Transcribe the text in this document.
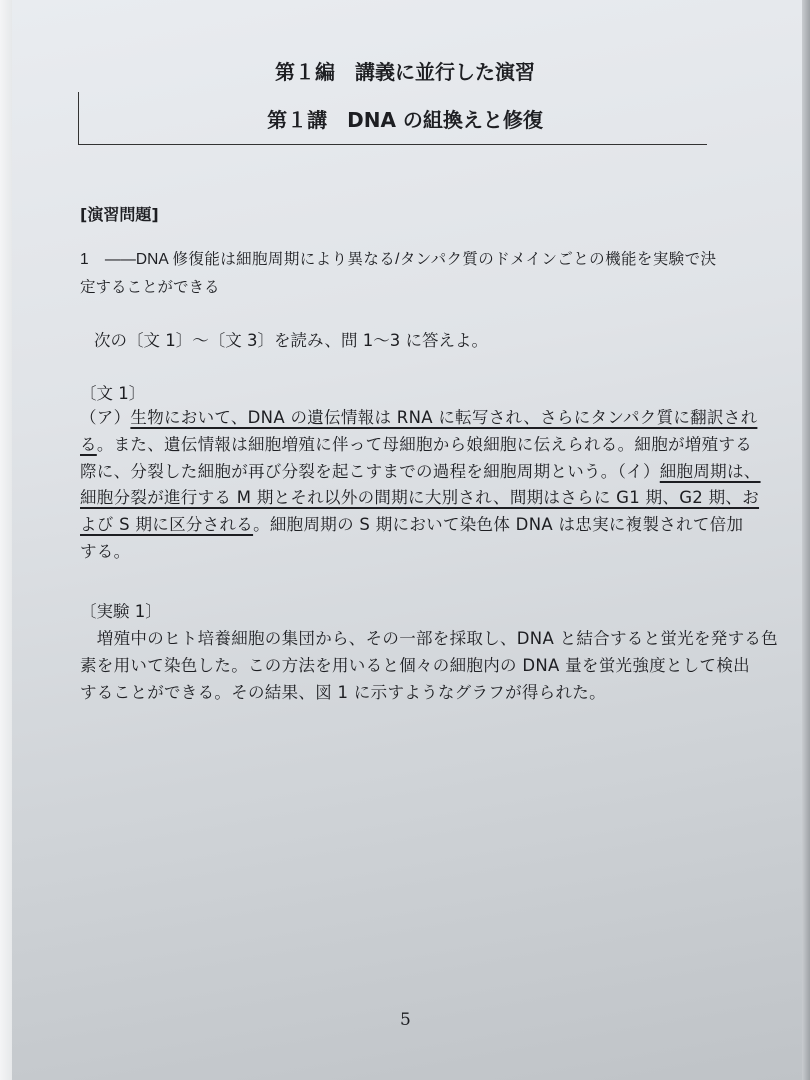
第１編　講義に並行した演習
第１講　DNA の組換えと修復
[演習問題]
1　――DNA 修復能は細胞周期により異なる/タンパク質のドメインごとの機能を実験で決
定することができる
次の〔文 1〕～〔文 3〕を読み、問 1～3 に答えよ。
〔文 1〕
（ア）生物において、DNA の遺伝情報は RNA に転写され、さらにタンパク質に翻訳され
る。また、遺伝情報は細胞増殖に伴って母細胞から娘細胞に伝えられる。細胞が増殖する
際に、分裂した細胞が再び分裂を起こすまでの過程を細胞周期という。（イ）細胞周期は、
細胞分裂が進行する M 期とそれ以外の間期に大別され、間期はさらに G1 期、G2 期、お
よび S 期に区分される。細胞周期の S 期において染色体 DNA は忠実に複製されて倍加
する。
〔実験 1〕
　増殖中のヒト培養細胞の集団から、その一部を採取し、DNA と結合すると蛍光を発する色
素を用いて染色した。この方法を用いると個々の細胞内の DNA 量を蛍光強度として検出
することができる。その結果、図 1 に示すようなグラフが得られた。
5
